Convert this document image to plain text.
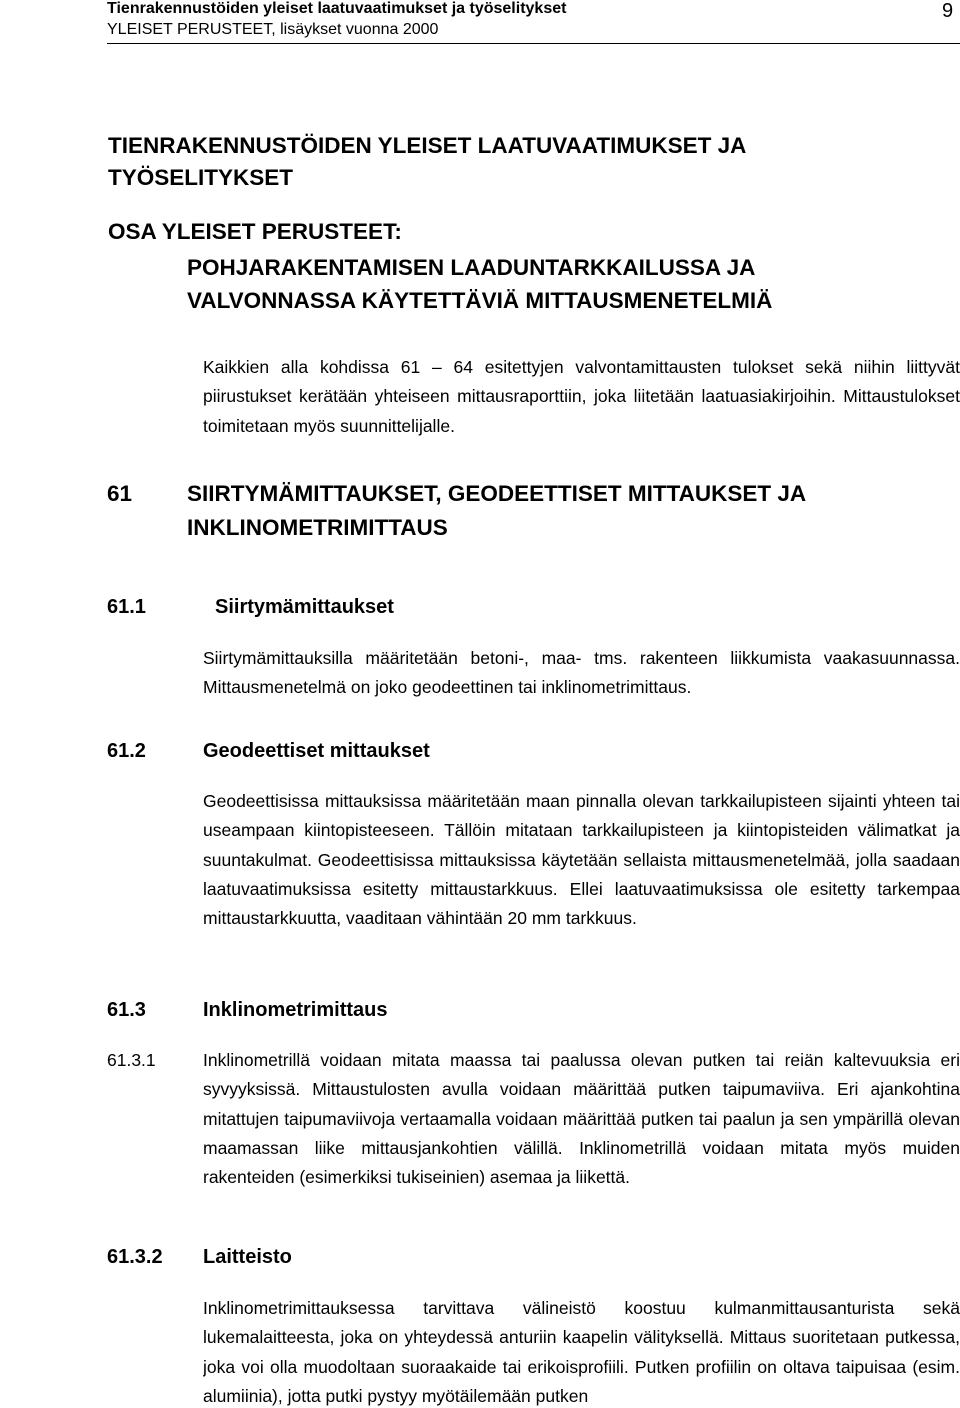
Tienrakennustöiden yleiset laatuvaatimukset ja työselitykset
YLEISET PERUSTEET, lisäykset vuonna 2000
9
TIENRAKENNUSTÖIDEN YLEISET LAATUVAATIMUKSET JA
TYÖSELITYKSET
OSA YLEISET PERUSTEET:
POHJARAKENTAMISEN LAADUNTARKKAILUSSA JA
VALVONNASSA KÄYTETTÄVIÄ MITTAUSMENETELMIÄ
Kaikkien alla kohdissa 61 – 64 esitettyjen valvontamittausten tulokset sekä niihin liittyvät piirustukset kerätään yhteiseen mittausraporttiin, joka liitetään laatuasiakirjoihin. Mittaustulokset toimitetaan myös suunnittelijalle.
61 SIIRTYMÄMITTAUKSET, GEODEETTISET MITTAUKSET JA
INKLINOMETRIMITTAUS
61.1	Siirtymämittaukset
Siirtymämittauksilla määritetään betoni-, maa- tms. rakenteen liikkumista vaakasuunnassa. Mittausmenetelmä on joko geodeettinen tai inklinometrimittaus.
61.2	Geodeettiset mittaukset
Geodeettisissa mittauksissa määritetään maan pinnalla olevan tarkkailupisteen sijainti yhteen tai useampaan kiintopisteeseen. Tällöin mitataan tarkkailupisteen ja kiintopisteiden välimatkat ja suuntakulmat. Geodeettisissa mittauksissa käytetään sellaista mittausmenetelmää, jolla saadaan laatuvaatimuksissa esitetty mittaustarkkuus. Ellei laatuvaatimuksissa ole esitetty tarkempaa mittaustarkkuutta, vaaditaan vähintään 20 mm tarkkuus.
61.3	Inklinometrimittaus
61.3.1	Inklinometrillä voidaan mitata maassa tai paalussa olevan putken tai reiän kaltevuuksia eri syvyyksissä. Mittaustulosten avulla voidaan määrittää putken taipumaviiva. Eri ajankohtina mitattujen taipumaviivoja vertaamalla voidaan määrittää putken tai paalun ja sen ympärillä olevan maamassan liike mittausjankohtien välillä. Inklinometrillä voidaan mitata myös muiden rakenteiden (esimerkiksi tukiseinien) asemaa ja liikettä.
61.3.2 Laitteisto
Inklinometrimittauksessa tarvittava välineistö koostuu kulmanmittausanturista sekä lukemalaitteesta, joka on yhteydessä anturiin kaapelin välityksellä. Mittaus suoritetaan putkessa, joka voi olla muodoltaan suoraakaide tai erikoisprofiili. Putken profiilin on oltava taipuisaa (esim. alumiinia), jotta putki pystyy myötäilemään putken
